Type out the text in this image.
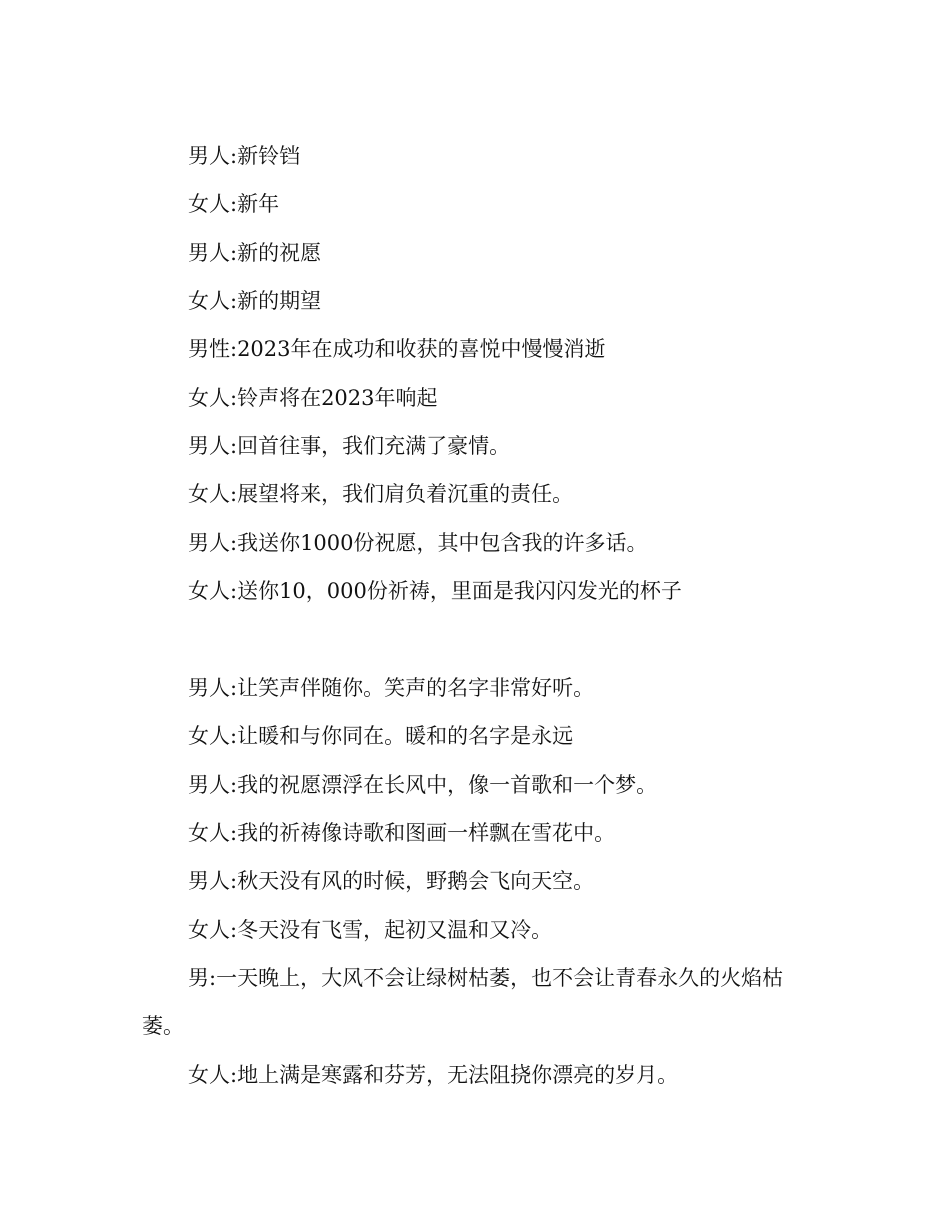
男人:新铃铛
女人:新年
男人:新的祝愿
女人:新的期望
男性:2023年在成功和收获的喜悦中慢慢消逝
女人:铃声将在2023年响起
男人:回首往事，我们充满了豪情。
女人:展望将来，我们肩负着沉重的责任。
男人:我送你1000份祝愿，其中包含我的许多话。
女人:送你10，000份祈祷，里面是我闪闪发光的杯子
男人:让笑声伴随你。笑声的名字非常好听。
女人:让暖和与你同在。暖和的名字是永远
男人:我的祝愿漂浮在长风中，像一首歌和一个梦。
女人:我的祈祷像诗歌和图画一样飘在雪花中。
男人:秋天没有风的时候，野鹅会飞向天空。
女人:冬天没有飞雪，起初又温和又冷。
男:一天晚上，大风不会让绿树枯萎，也不会让青春永久的火焰枯萎。
女人:地上满是寒露和芬芳，无法阻挠你漂亮的岁月。
